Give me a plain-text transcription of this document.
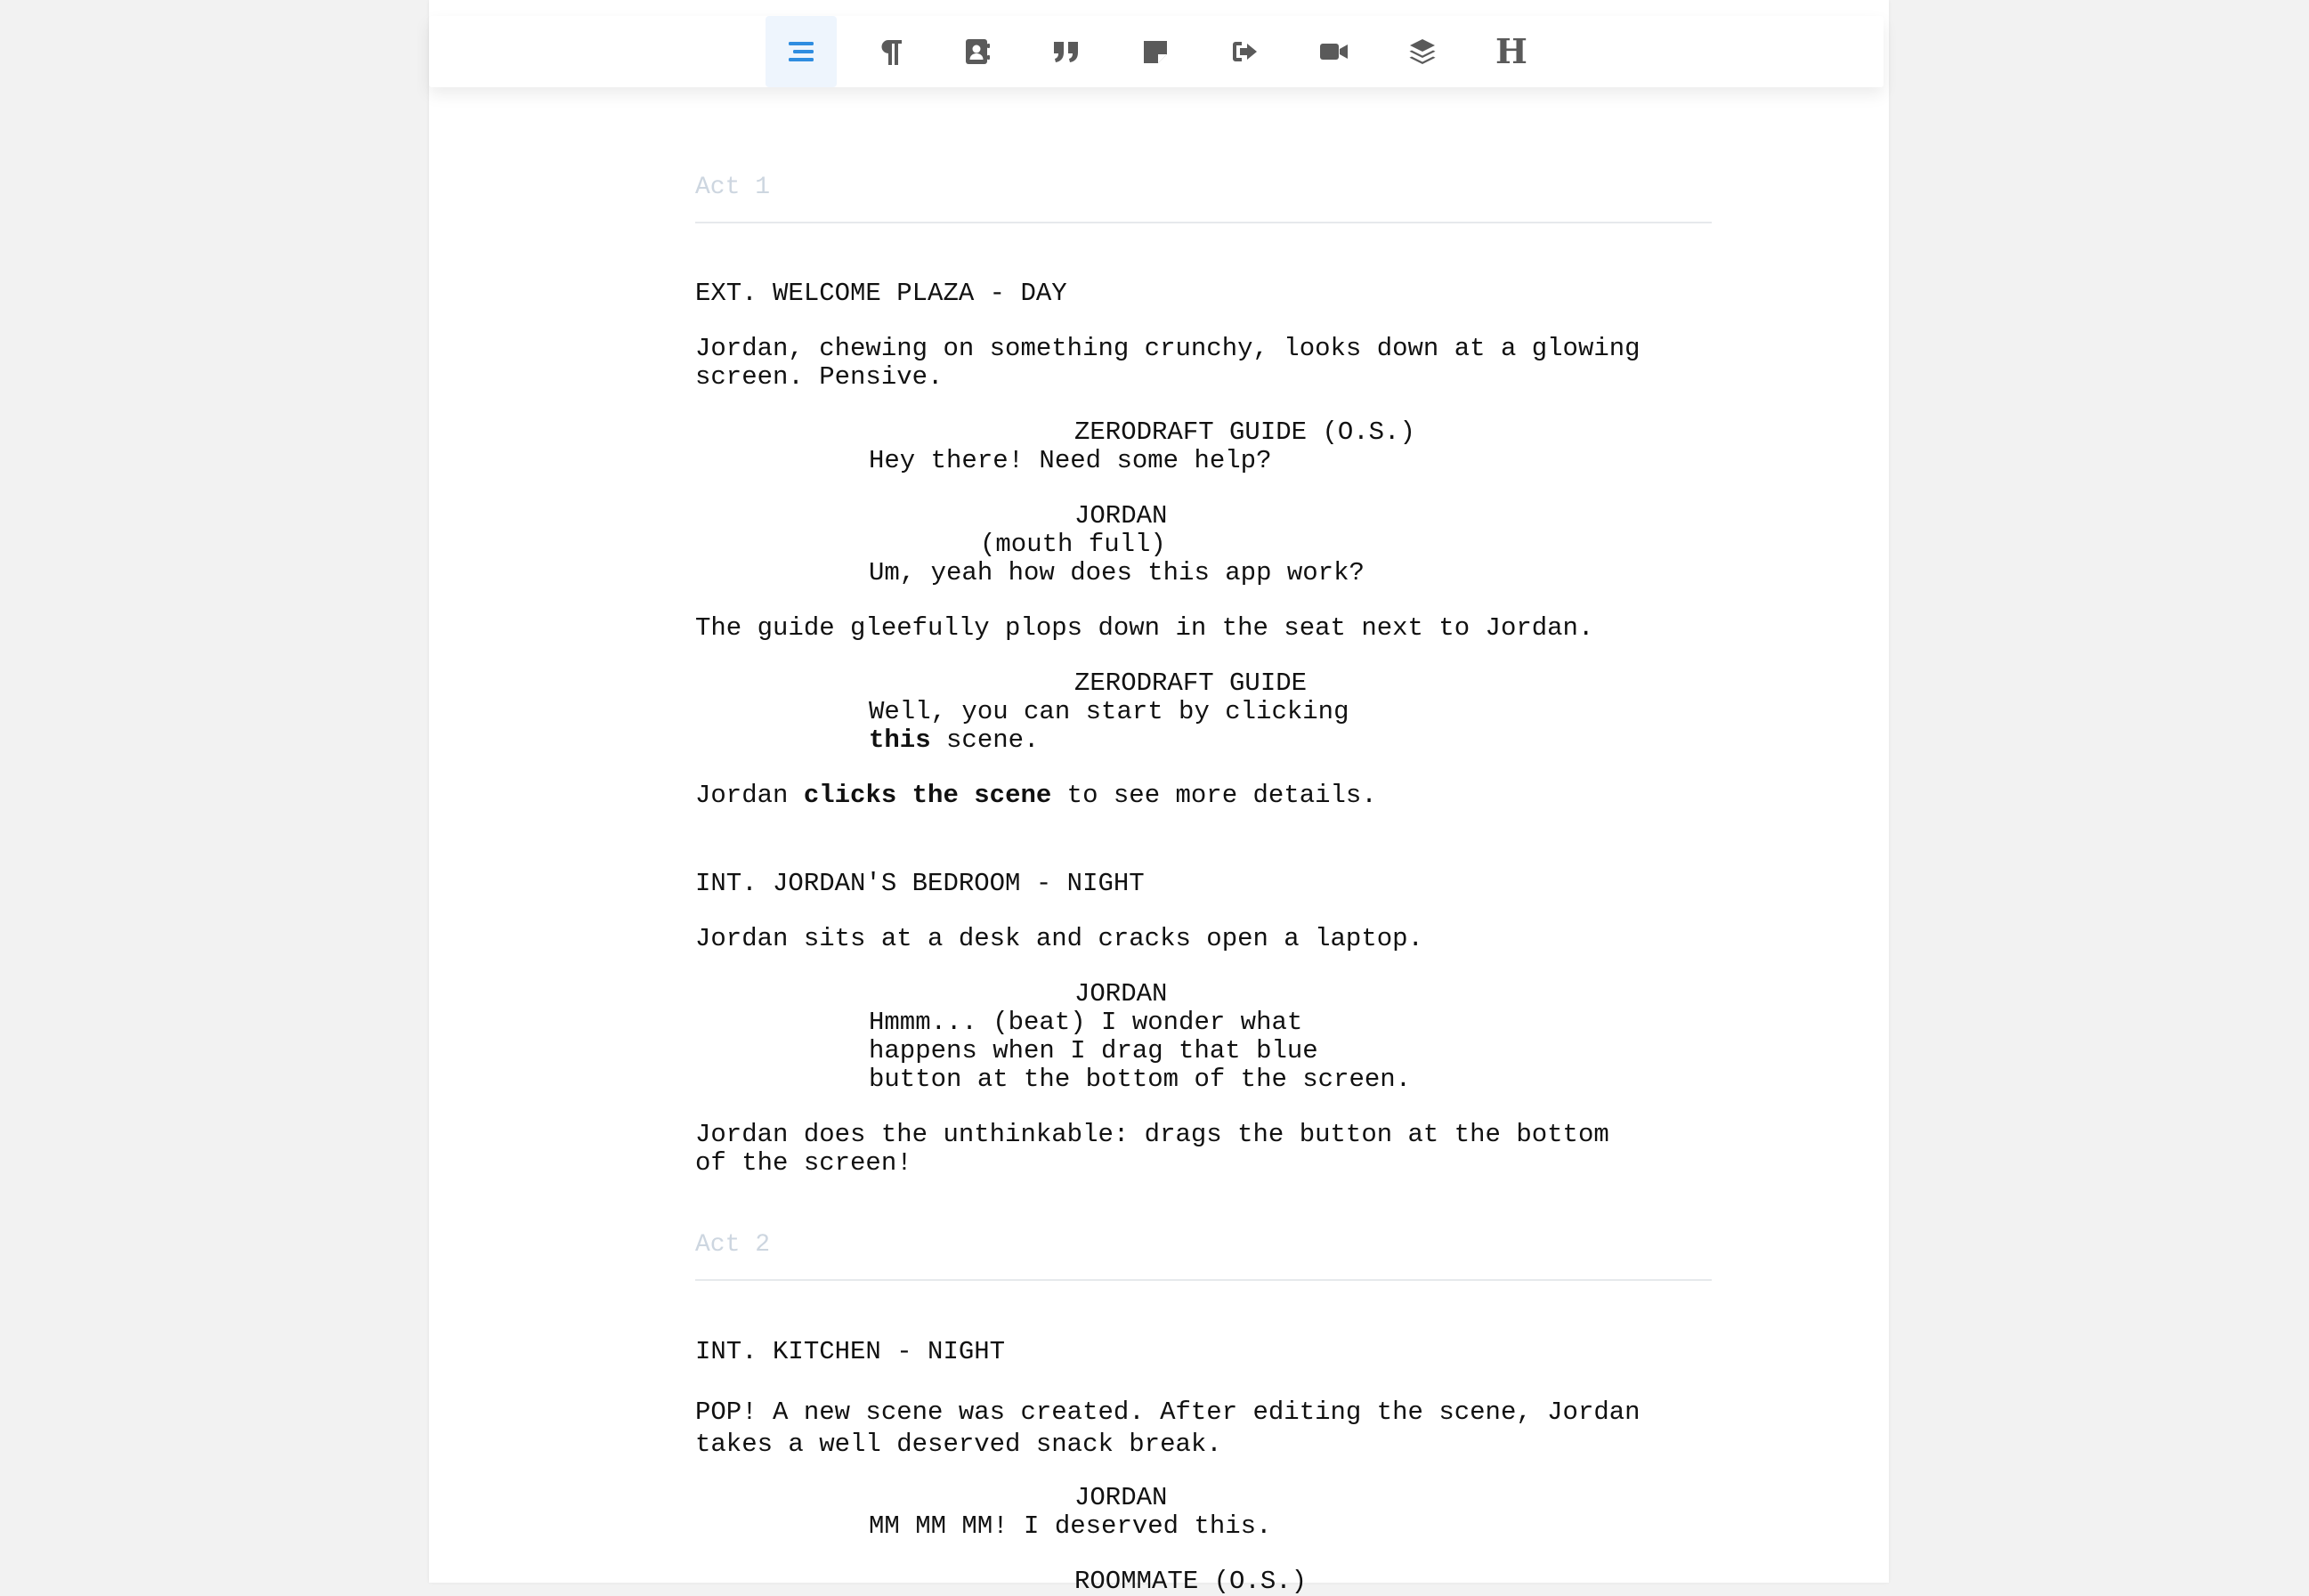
H
Act 1
EXT. WELCOME PLAZA - DAY
Jordan, chewing on something crunchy, looks down at a glowing
screen. Pensive.
ZERODRAFT GUIDE (O.S.)
Hey there! Need some help?
JORDAN
(mouth full)
Um, yeah how does this app work?
The guide gleefully plops down in the seat next to Jordan.
ZERODRAFT GUIDE
Well, you can start by clicking
this scene.
Jordan clicks the scene to see more details.
INT. JORDAN'S BEDROOM - NIGHT
Jordan sits at a desk and cracks open a laptop.
JORDAN
Hmmm... (beat) I wonder what
happens when I drag that blue
button at the bottom of the screen.
Jordan does the unthinkable: drags the button at the bottom
of the screen!
Act 2
INT. KITCHEN - NIGHT
POP! A new scene was created. After editing the scene, Jordan
takes a well deserved snack break.
JORDAN
MM MM MM! I deserved this.
ROOMMATE (O.S.)
